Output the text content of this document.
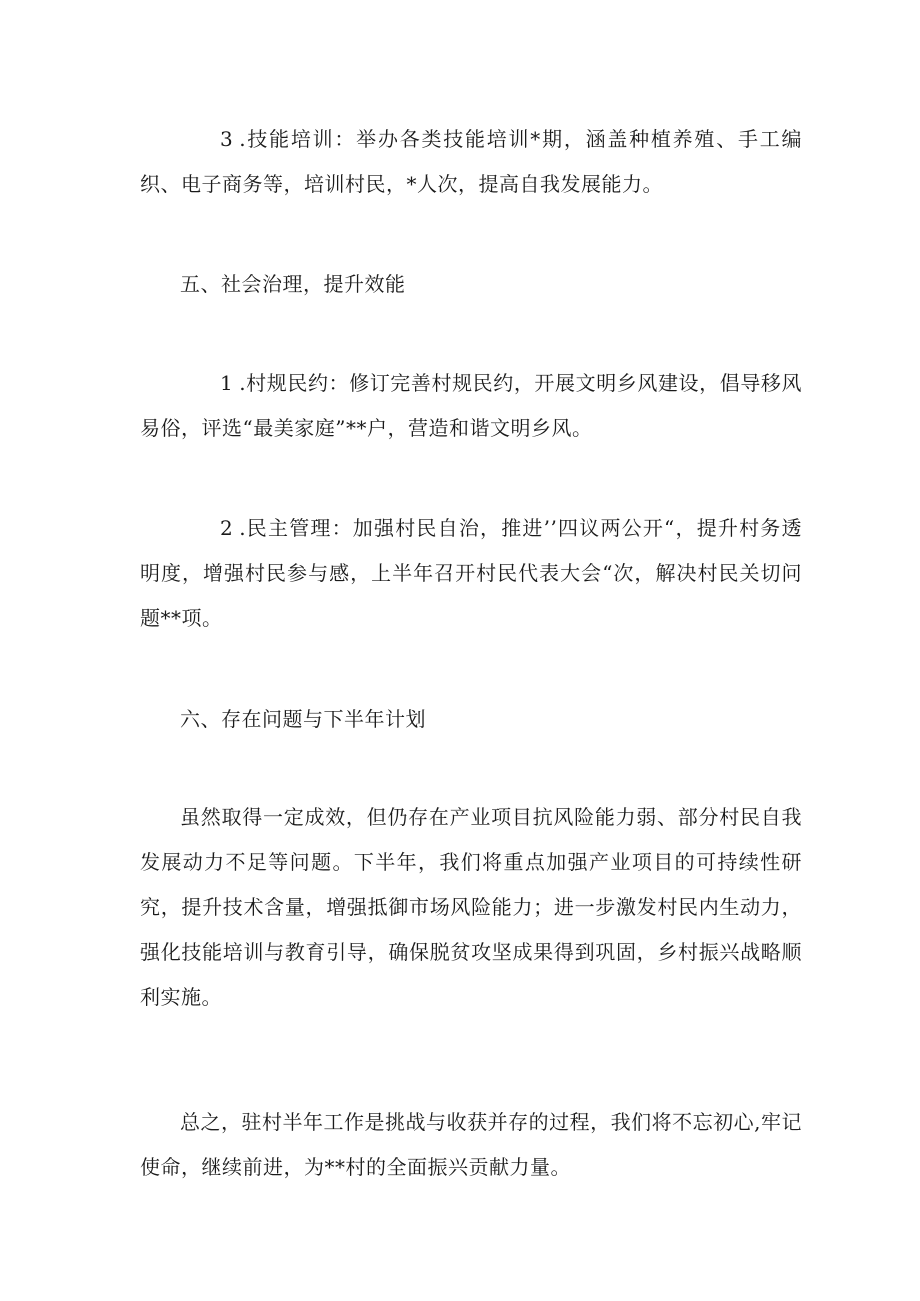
3 .技能培训：举办各类技能培训*期，涵盖种植养殖、手工编织、电子商务等，培训村民，*人次，提高自我发展能力。

五、社会治理，提升效能

1 .村规民约：修订完善村规民约，开展文明乡风建设，倡导移风易俗，评选“最美家庭”**户，营造和谐文明乡风。

2 .民主管理：加强村民自治，推进’’四议两公开“，提升村务透明度，增强村民参与感，上半年召开村民代表大会“次，解决村民关切问题**项。

六、存在问题与下半年计划

虽然取得一定成效，但仍存在产业项目抗风险能力弱、部分村民自我发展动力不足等问题。下半年，我们将重点加强产业项目的可持续性研究，提升技术含量，增强抵御市场风险能力；进一步激发村民内生动力，强化技能培训与教育引导，确保脱贫攻坚成果得到巩固，乡村振兴战略顺利实施。

总之，驻村半年工作是挑战与收获并存的过程，我们将不忘初心,牢记使命，继续前进，为**村的全面振兴贡献力量。
